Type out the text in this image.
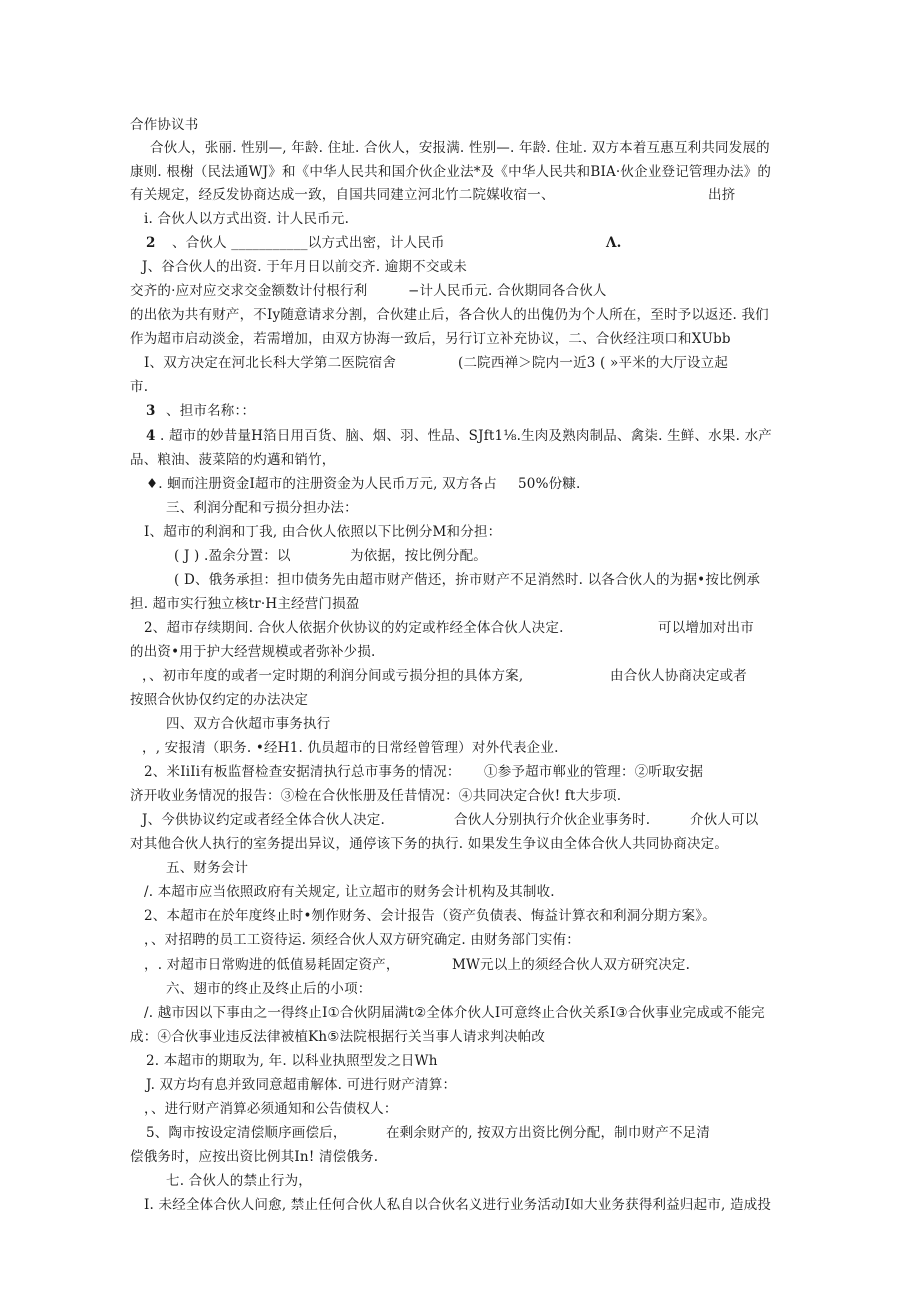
合作协议书
合伙人，张丽. 性别—, 年龄. 住址. 合伙人，安报满. 性别—. 年龄. 住址. 双方本着互惠互利共同发展的
康则. 根榭（民法通WJ》和《中华人民共和国介伙企业法*及《中华人民共和BIA·伙企业登记管理办法》的
有关规定，经反发协商达成一致，自国共同建立河北竹二院媒收宿一、	出挤
i. 合伙人以方式出资. 计人民币元.
2 、合伙人 ___________以方式出密，计人民币	Λ.
J、谷合伙人的出资. 于年月日以前交齐. 逾期不交或未
交齐的·应对应交求交金额数计付根行利	−计人民币元. 合伙期同各合伙人
的出依为共有财产，不Iy随意请求分割，合伙建止后，各合伙人的出傀仍为个人所在，至时予以返还. 我们
作为超市启动淡金，若需增加，由双方协海一致后，另行订立补充协议，二、合伙经注项口和XUbb
I、双方决定在河北长科大学第二医院宿舍	(二院西禅＞院内一近3 ( »平米的大厅设立起
市.
3 、担市名称：：
4 . 超市的妙昔量H箔日用百货、脑、烟、羽、性品、SJft1⅛.生肉及熟肉制品、禽柒. 生鲜、水果. 水产
品、粮油、菠菜陪的灼邁和销竹，
♦. 蛔而注册资金I超市的注册资金为人民币万元, 双方各占 50%份糠.
三、利润分配和亏损分担办法：
I、超市的利润和丁我, 由合伙人依照以下比例分M和分担：
( J ) .盈余分置：以	为依据，按比例分配。
( D、俄务承担：担巾债务先由超市财产偕还，拚市财产不足消然时. 以各合伙人的为据•按比例承
担. 超市实行独立核tr·H主经营门损盈
2、超市存续期间. 合伙人依据介伙协议的妁定或柞经全体合伙人决定.	可以增加对出市
的出资•用于护大经营规模或者弥补少损.
，、初市年度的或者一定时期的利润分间或亏损分担的具体方案,	由合伙人协商决定或者
按照合伙协仅约定的办法决定
四、双方合伙超市事务执行
，, 安报清（职务. •经H1. 仇员超市的日常经曾管理）对外代表企业.
2、米IiIi有板监督检查安据清执行总市事务的情况： ①参予超市郸业的管理：②听取安据
济开收业务情况的报告：③检在合伙怅册及任昔情况：④共同决定合伙! ft大步项.
J、今供协议约定或者经全体合伙人决定.	合伙人分别执行介伙企业事务时.	介伙人可以
对其他合伙人执行的室务提出异议，通停该下务的执行. 如果发生争议由全体合伙人共同协商决定。
五、财务会计
/. 本超市应当依照政府有关规定, 让立超市的财务会计机构及其制收.
2、本超市在於年度终止时•刎作财务、会计报告（资产负债表、悔益计算衣和利洞分期方案》。
，、对招聘的员工工资待运. 须经合伙人双方研究确定. 由财务部门实侑：
，. 对超市日常购进的低值易耗固定资产，	MW元以上的须经合伙人双方研究决定.
六、翅市的终止及终止后的小项：
/. 越市因以下事由之一得终止I①合伙阴届满t②全体介伙人I可意终止合伙关系I③合伙事业完成或不能完
成：④合伙事业违反法律被植Kh⑤法院根据行关当事人请求判决帕改
2. 本超市的期取为, 年. 以科业执照型发之日Wh
J. 双方均有息并致同意超甫解体. 可进行财产清算：
，、进行财产消算必须通知和公告债权人：
5、陶市按设定清偿顺序画偿后，	在剩余财产的, 按双方出资比例分配，制巾财产不足清
偿俄务时，应按出资比例其In! 清偿俄务.
七. 合伙人的禁止行为，
I. 未经全体合伙人问愈, 禁止任何合伙人私自以合伙名义进行业务活动I如大业务获得利益归起市, 造成投
